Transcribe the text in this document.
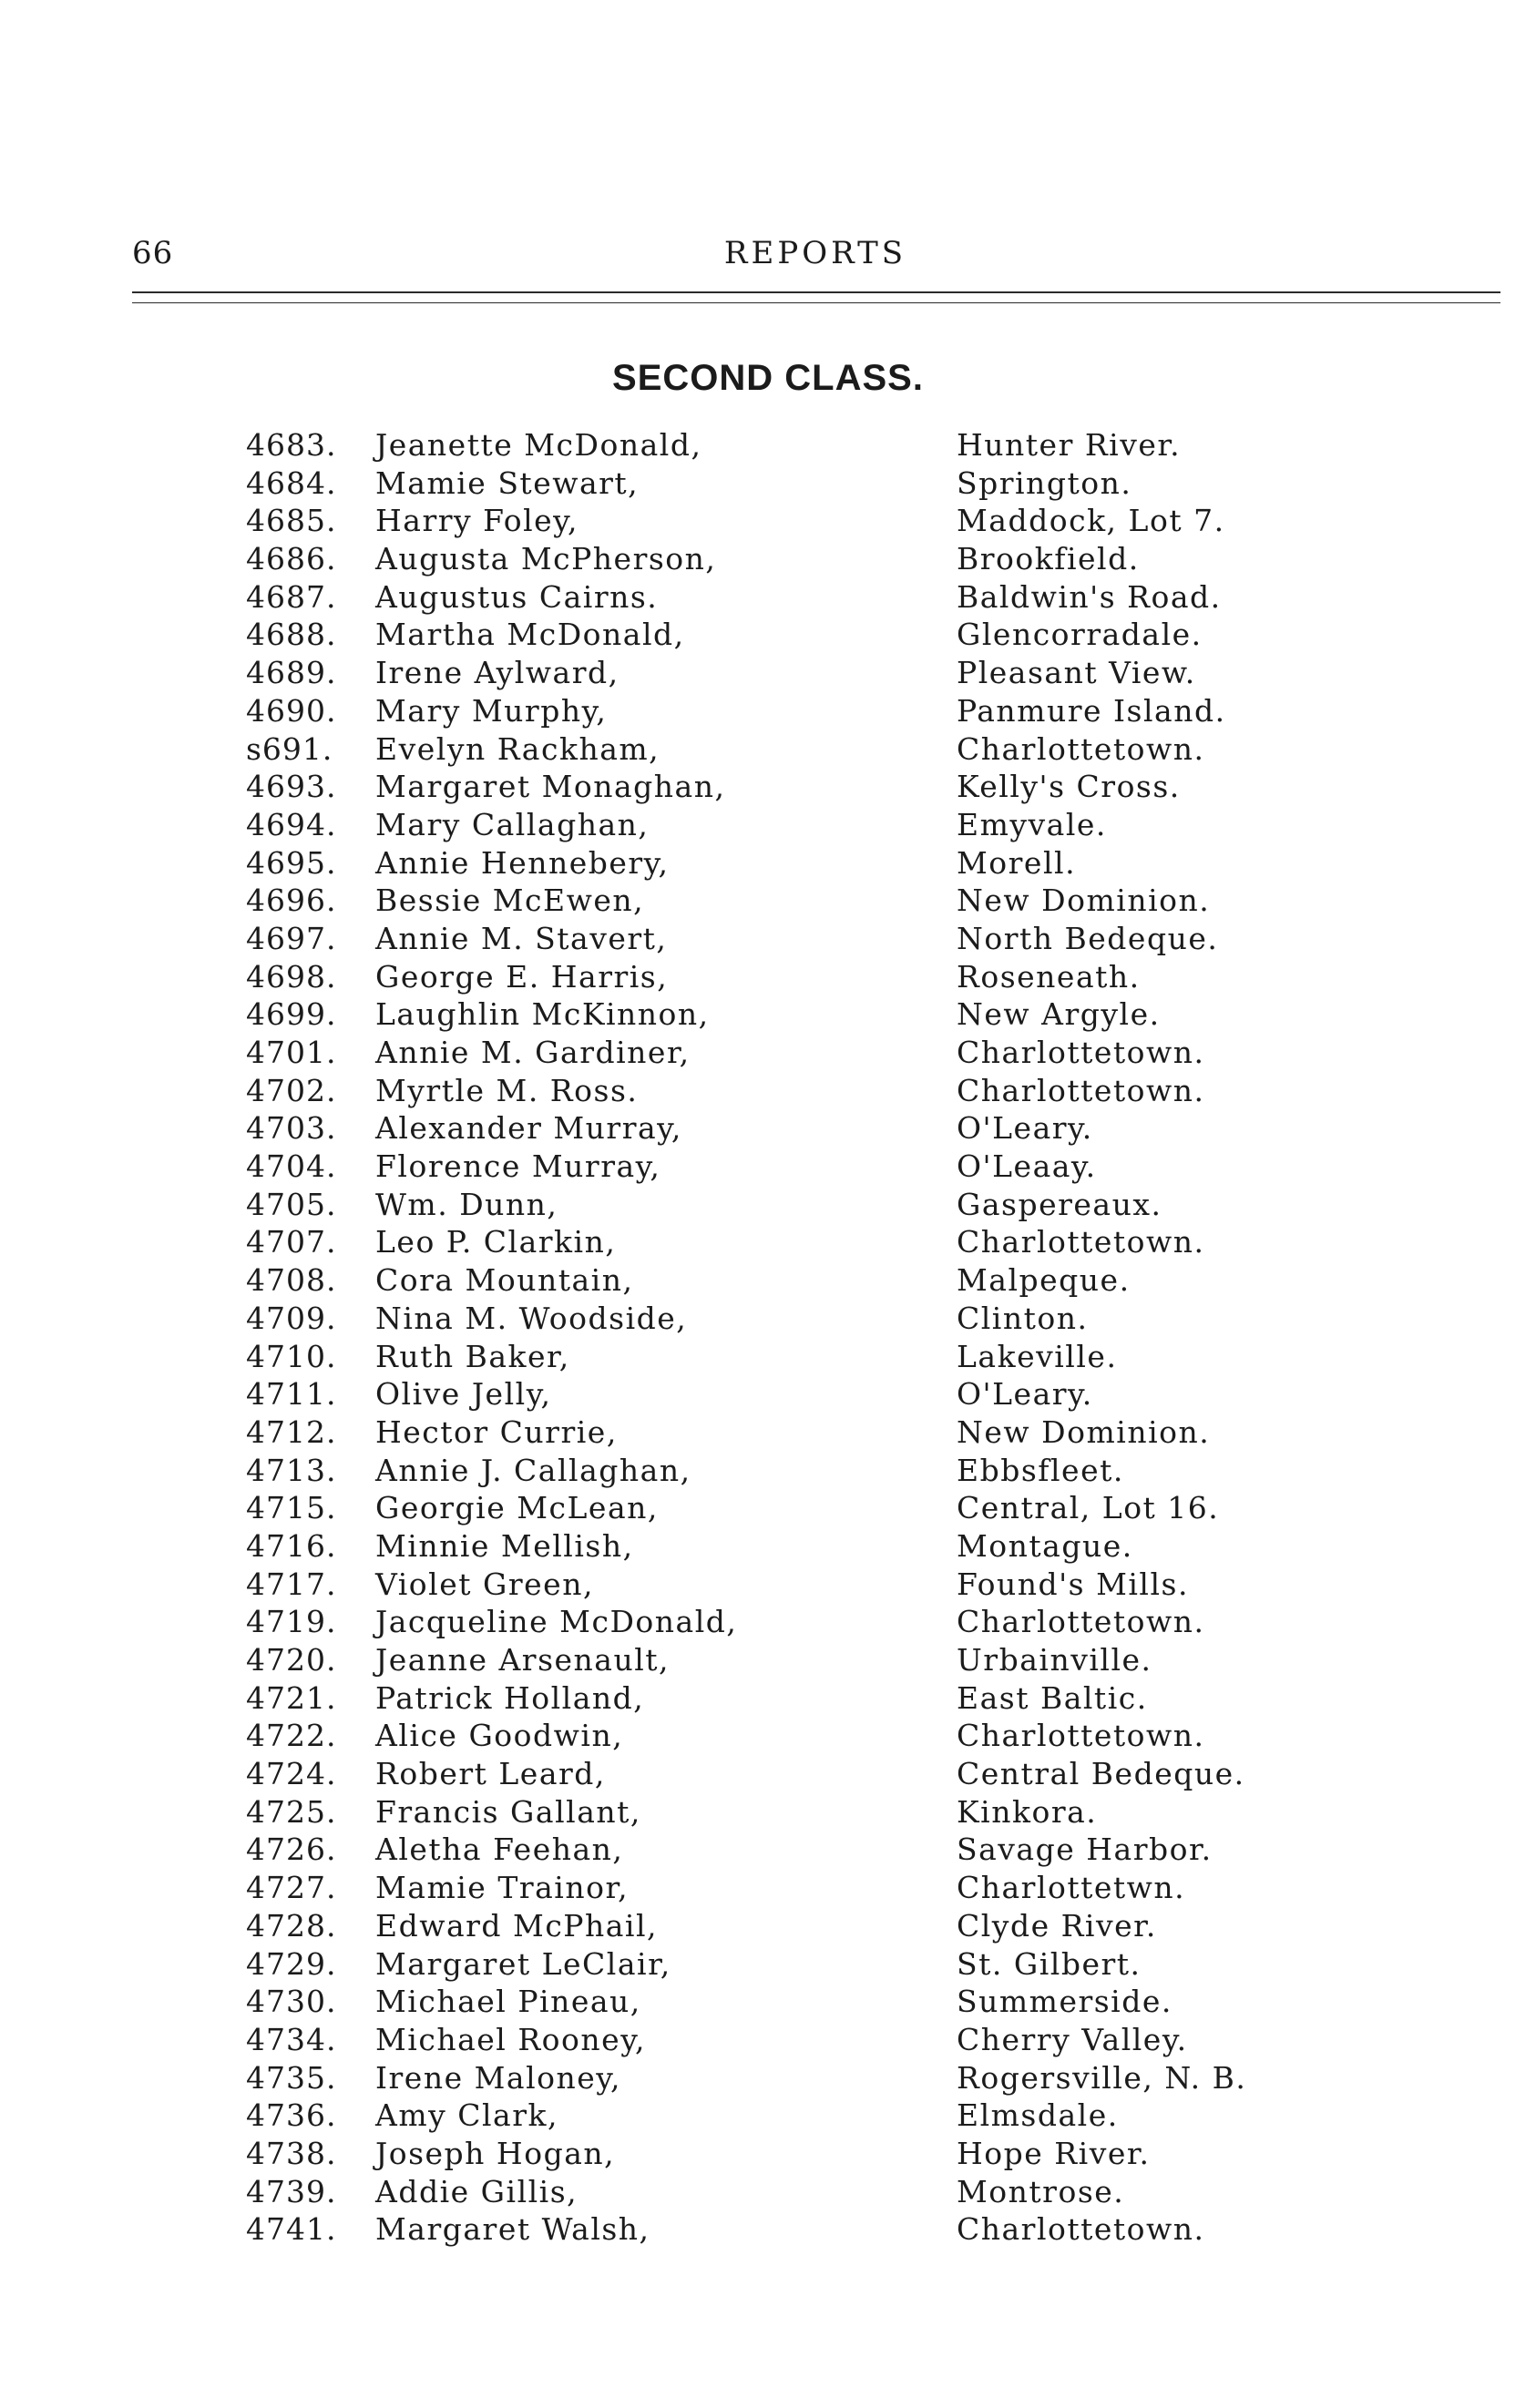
66	REPORTS
SECOND CLASS.
4683. Jeanette McDonald,	Hunter River.
4684. Mamie Stewart,	Springton.
4685. Harry Foley,	Maddock, Lot 7.
4686. Augusta McPherson,	Brookfield.
4687. Augustus Cairns.	Baldwin's Road.
4688. Martha McDonald,	Glencorradale.
4689. Irene Aylward,	Pleasant View.
4690. Mary Murphy,	Panmure Island.
s691. Evelyn Rackham,	Charlottetown.
4693. Margaret Monaghan,	Kelly's Cross.
4694. Mary Callaghan,	Emyvale.
4695. Annie Hennebery,	Morell.
4696. Bessie McEwen,	New Dominion.
4697. Annie M. Stavert,	North Bedeque.
4698. George E. Harris,	Roseneath.
4699. Laughlin McKinnon,	New Argyle.
4701. Annie M. Gardiner,	Charlottetown.
4702. Myrtle M. Ross.	Charlottetown.
4703. Alexander Murray,	O'Leary.
4704. Florence Murray,	O'Leaay.
4705. Wm. Dunn,	Gaspereaux.
4707. Leo P. Clarkin,	Charlottetown.
4708. Cora Mountain,	Malpeque.
4709. Nina M. Woodside,	Clinton.
4710. Ruth Baker,	Lakeville.
4711. Olive Jelly,	O'Leary.
4712. Hector Currie,	New Dominion.
4713. Annie J. Callaghan,	Ebbsfleet.
4715. Georgie McLean,	Central, Lot 16.
4716. Minnie Mellish,	Montague.
4717. Violet Green,	Found's Mills.
4719. Jacqueline McDonald,	Charlottetown.
4720. Jeanne Arsenault,	Urbainville.
4721. Patrick Holland,	East Baltic.
4722. Alice Goodwin,	Charlottetown.
4724. Robert Leard,	Central Bedeque.
4725. Francis Gallant,	Kinkora.
4726. Aletha Feehan,	Savage Harbor.
4727. Mamie Trainor,	Charlottetwn.
4728. Edward McPhail,	Clyde River.
4729. Margaret LeClair,	St. Gilbert.
4730. Michael Pineau,	Summerside.
4734. Michael Rooney,	Cherry Valley.
4735. Irene Maloney,	Rogersville, N. B.
4736. Amy Clark,	Elmsdale.
4738. Joseph Hogan,	Hope River.
4739. Addie Gillis,	Montrose.
4741. Margaret Walsh,	Charlottetown.
